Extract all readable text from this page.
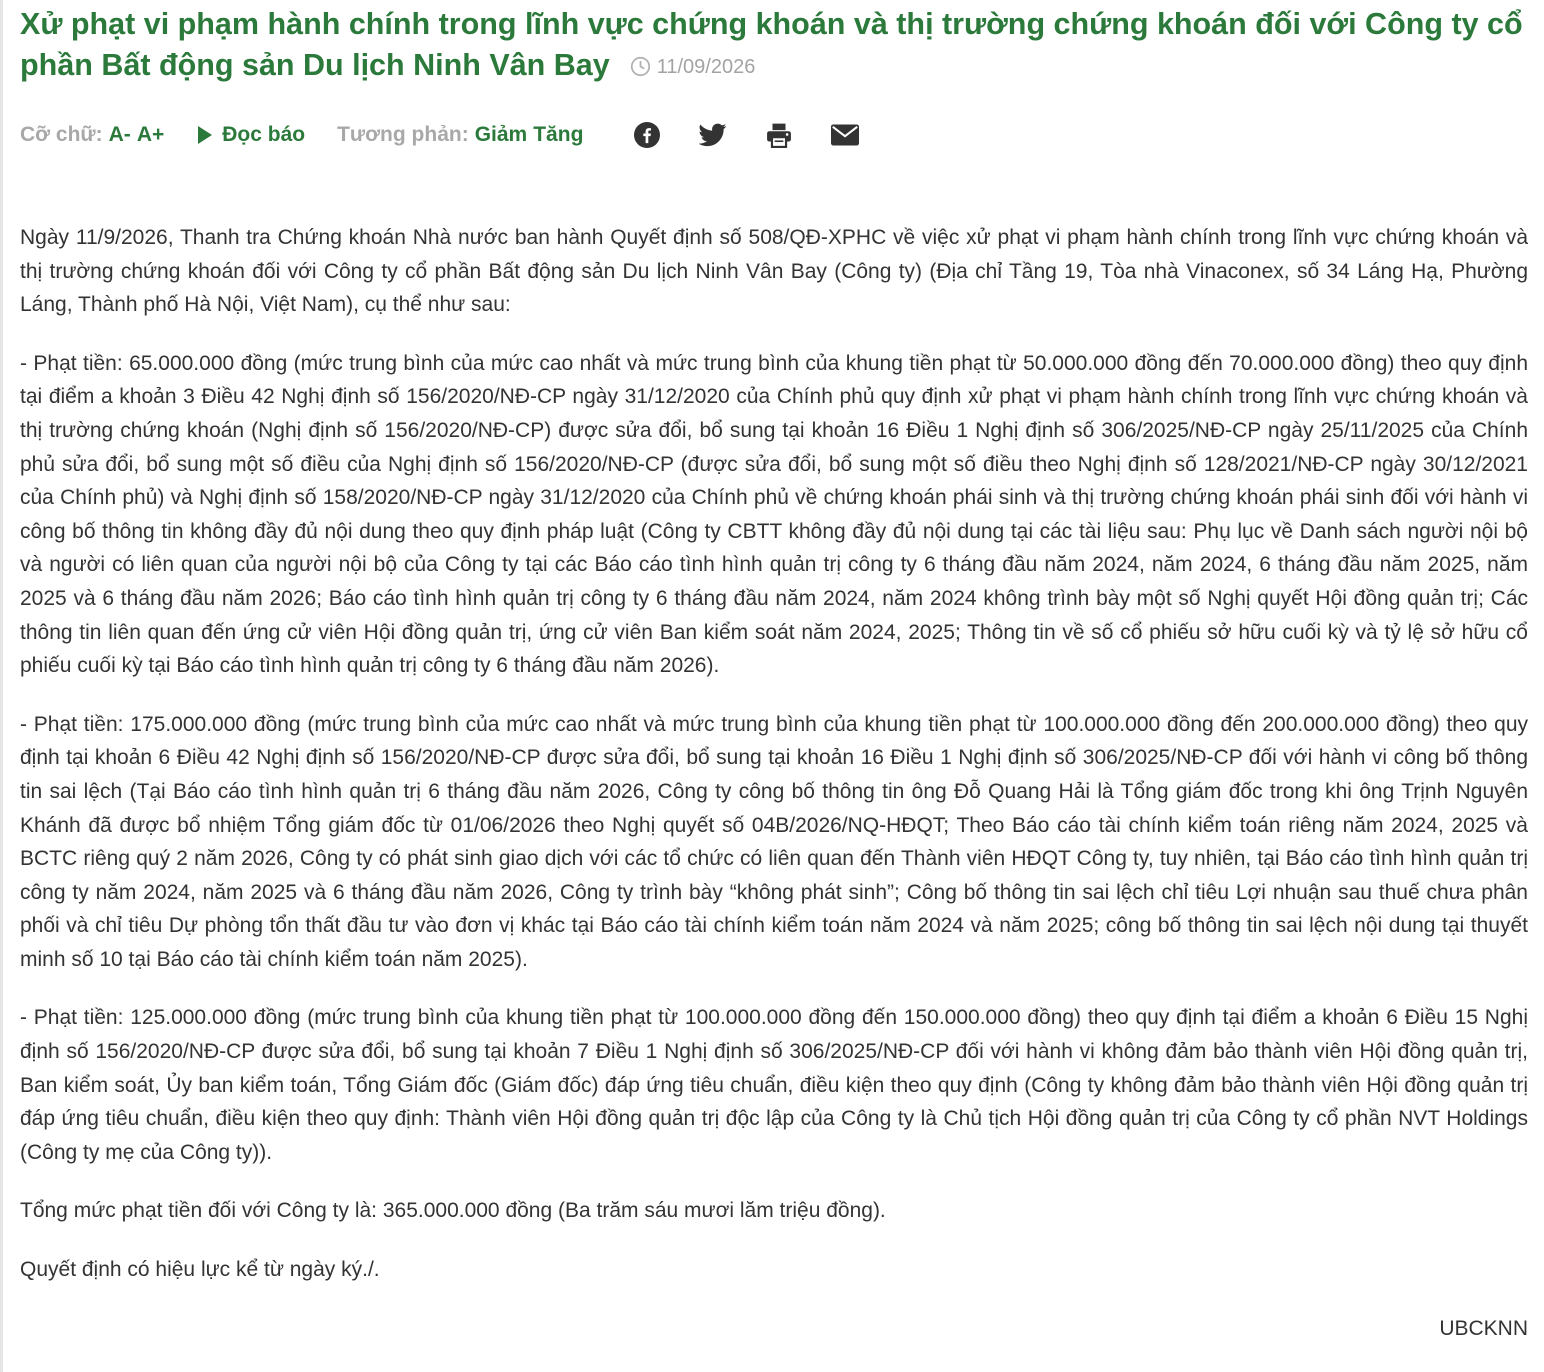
Xử phạt vi phạm hành chính trong lĩnh vực chứng khoán và thị trường chứng khoán đối với Công ty cổ phần Bất động sản Du lịch Ninh Vân Bay 11/09/2026
Cỡ chữ: A- A+	Đọc báo Tương phản: Giảm Tăng

Ngày 11/9/2026, Thanh tra Chứng khoán Nhà nước ban hành Quyết định số 508/QĐ-XPHC về việc xử phạt vi phạm hành chính trong lĩnh vực chứng khoán và thị trường chứng khoán đối với Công ty cổ phần Bất động sản Du lịch Ninh Vân Bay (Công ty) (Địa chỉ Tầng 19, Tòa nhà Vinaconex, số 34 Láng Hạ, Phường Láng, Thành phố Hà Nội, Việt Nam), cụ thể như sau:

- Phạt tiền: 65.000.000 đồng (mức trung bình của mức cao nhất và mức trung bình của khung tiền phạt từ 50.000.000 đồng đến 70.000.000 đồng) theo quy định tại điểm a khoản 3 Điều 42 Nghị định số 156/2020/NĐ-CP ngày 31/12/2020 của Chính phủ quy định xử phạt vi phạm hành chính trong lĩnh vực chứng khoán và thị trường chứng khoán (Nghị định số 156/2020/NĐ-CP) được sửa đổi, bổ sung tại khoản 16 Điều 1 Nghị định số 306/2025/NĐ-CP ngày 25/11/2025 của Chính phủ sửa đổi, bổ sung một số điều của Nghị định số 156/2020/NĐ-CP (được sửa đổi, bổ sung một số điều theo Nghị định số 128/2021/NĐ-CP ngày 30/12/2021 của Chính phủ) và Nghị định số 158/2020/NĐ-CP ngày 31/12/2020 của Chính phủ về chứng khoán phái sinh và thị trường chứng khoán phái sinh đối với hành vi công bố thông tin không đầy đủ nội dung theo quy định pháp luật (Công ty CBTT không đầy đủ nội dung tại các tài liệu sau: Phụ lục về Danh sách người nội bộ và người có liên quan của người nội bộ của Công ty tại các Báo cáo tình hình quản trị công ty 6 tháng đầu năm 2024, năm 2024, 6 tháng đầu năm 2025, năm 2025 và 6 tháng đầu năm 2026; Báo cáo tình hình quản trị công ty 6 tháng đầu năm 2024, năm 2024 không trình bày một số Nghị quyết Hội đồng quản trị; Các thông tin liên quan đến ứng cử viên Hội đồng quản trị, ứng cử viên Ban kiểm soát năm 2024, 2025; Thông tin về số cổ phiếu sở hữu cuối kỳ và tỷ lệ sở hữu cổ phiếu cuối kỳ tại Báo cáo tình hình quản trị công ty 6 tháng đầu năm 2026).

- Phạt tiền: 175.000.000 đồng (mức trung bình của mức cao nhất và mức trung bình của khung tiền phạt từ 100.000.000 đồng đến 200.000.000 đồng) theo quy định tại khoản 6 Điều 42 Nghị định số 156/2020/NĐ-CP được sửa đổi, bổ sung tại khoản 16 Điều 1 Nghị định số 306/2025/NĐ-CP đối với hành vi công bố thông tin sai lệch (Tại Báo cáo tình hình quản trị 6 tháng đầu năm 2026, Công ty công bố thông tin ông Đỗ Quang Hải là Tổng giám đốc trong khi ông Trịnh Nguyên Khánh đã được bổ nhiệm Tổng giám đốc từ 01/06/2026 theo Nghị quyết số 04B/2026/NQ-HĐQT; Theo Báo cáo tài chính kiểm toán riêng năm 2024, 2025 và BCTC riêng quý 2 năm 2026, Công ty có phát sinh giao dịch với các tổ chức có liên quan đến Thành viên HĐQT Công ty, tuy nhiên, tại Báo cáo tình hình quản trị công ty năm 2024, năm 2025 và 6 tháng đầu năm 2026, Công ty trình bày “không phát sinh”; Công bố thông tin sai lệch chỉ tiêu Lợi nhuận sau thuế chưa phân phối và chỉ tiêu Dự phòng tổn thất đầu tư vào đơn vị khác tại Báo cáo tài chính kiểm toán năm 2024 và năm 2025; công bố thông tin sai lệch nội dung tại thuyết minh số 10 tại Báo cáo tài chính kiểm toán năm 2025).

- Phạt tiền: 125.000.000 đồng (mức trung bình của khung tiền phạt từ 100.000.000 đồng đến 150.000.000 đồng) theo quy định tại điểm a khoản 6 Điều 15 Nghị định số 156/2020/NĐ-CP được sửa đổi, bổ sung tại khoản 7 Điều 1 Nghị định số 306/2025/NĐ-CP đối với hành vi không đảm bảo thành viên Hội đồng quản trị, Ban kiểm soát, Ủy ban kiểm toán, Tổng Giám đốc (Giám đốc) đáp ứng tiêu chuẩn, điều kiện theo quy định (Công ty không đảm bảo thành viên Hội đồng quản trị đáp ứng tiêu chuẩn, điều kiện theo quy định: Thành viên Hội đồng quản trị độc lập của Công ty là Chủ tịch Hội đồng quản trị của Công ty cổ phần NVT Holdings (Công ty mẹ của Công ty)).

Tổng mức phạt tiền đối với Công ty là: 365.000.000 đồng (Ba trăm sáu mươi lăm triệu đồng).

Quyết định có hiệu lực kể từ ngày ký./.

UBCKNN
